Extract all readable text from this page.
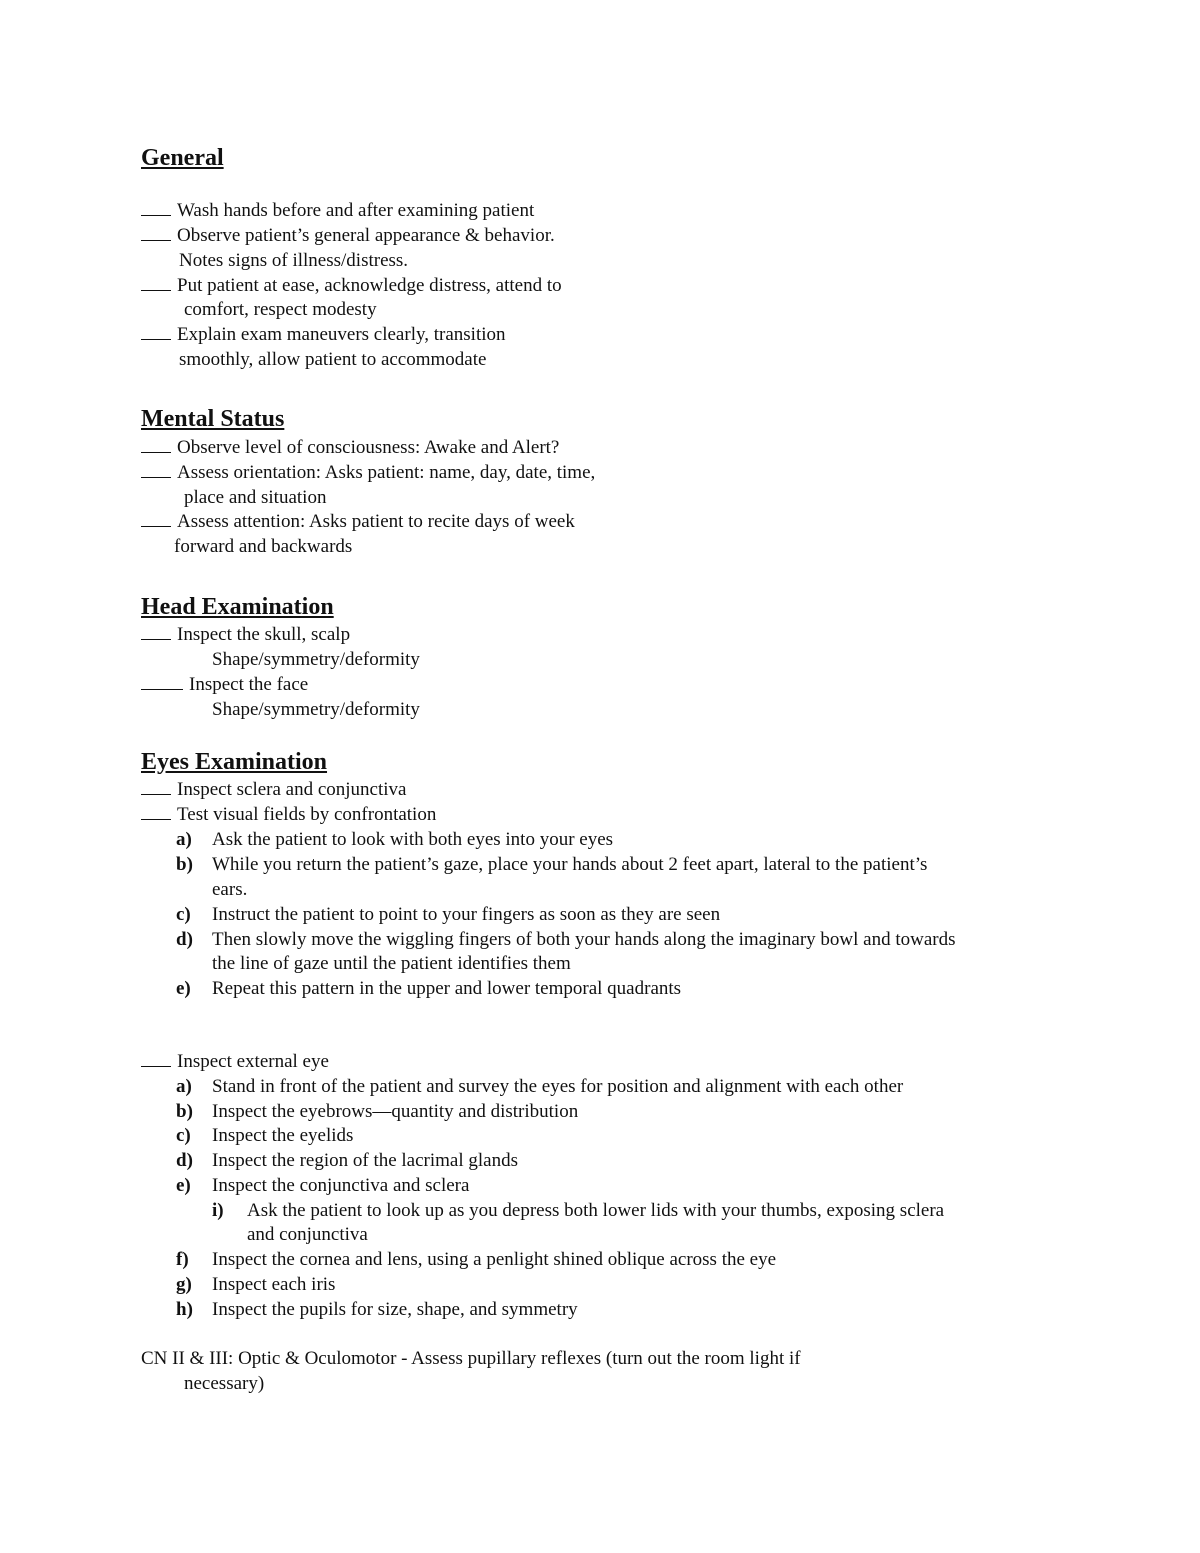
General
Wash hands before and after examining patient
Observe patient’s general appearance & behavior.
Notes signs of illness/distress.
Put patient at ease, acknowledge distress, attend to
comfort, respect modesty
Explain exam maneuvers clearly, transition
smoothly, allow patient to accommodate
Mental Status
Observe level of consciousness: Awake and Alert?
Assess orientation: Asks patient: name, day, date, time,
place and situation
Assess attention: Asks patient to recite days of week
forward and backwards
Head Examination
Inspect the skull, scalp
Shape/symmetry/deformity
Inspect the face
Shape/symmetry/deformity
Eyes Examination
Inspect sclera and conjunctiva
Test visual fields by confrontation
a) Ask the patient to look with both eyes into your eyes
b) While you return the patient’s gaze, place your hands about 2 feet apart, lateral to the patient’s
ears.
c) Instruct the patient to point to your fingers as soon as they are seen
d) Then slowly move the wiggling fingers of both your hands along the imaginary bowl and towards
the line of gaze until the patient identifies them
e) Repeat this pattern in the upper and lower temporal quadrants
Inspect external eye
a) Stand in front of the patient and survey the eyes for position and alignment with each other
b) Inspect the eyebrows—quantity and distribution
c) Inspect the eyelids
d) Inspect the region of the lacrimal glands
e) Inspect the conjunctiva and sclera
i) Ask the patient to look up as you depress both lower lids with your thumbs, exposing sclera
and conjunctiva
f) Inspect the cornea and lens, using a penlight shined oblique across the eye
g) Inspect each iris
h) Inspect the pupils for size, shape, and symmetry
CN II & III: Optic & Oculomotor - Assess pupillary reflexes (turn out the room light if
necessary)
